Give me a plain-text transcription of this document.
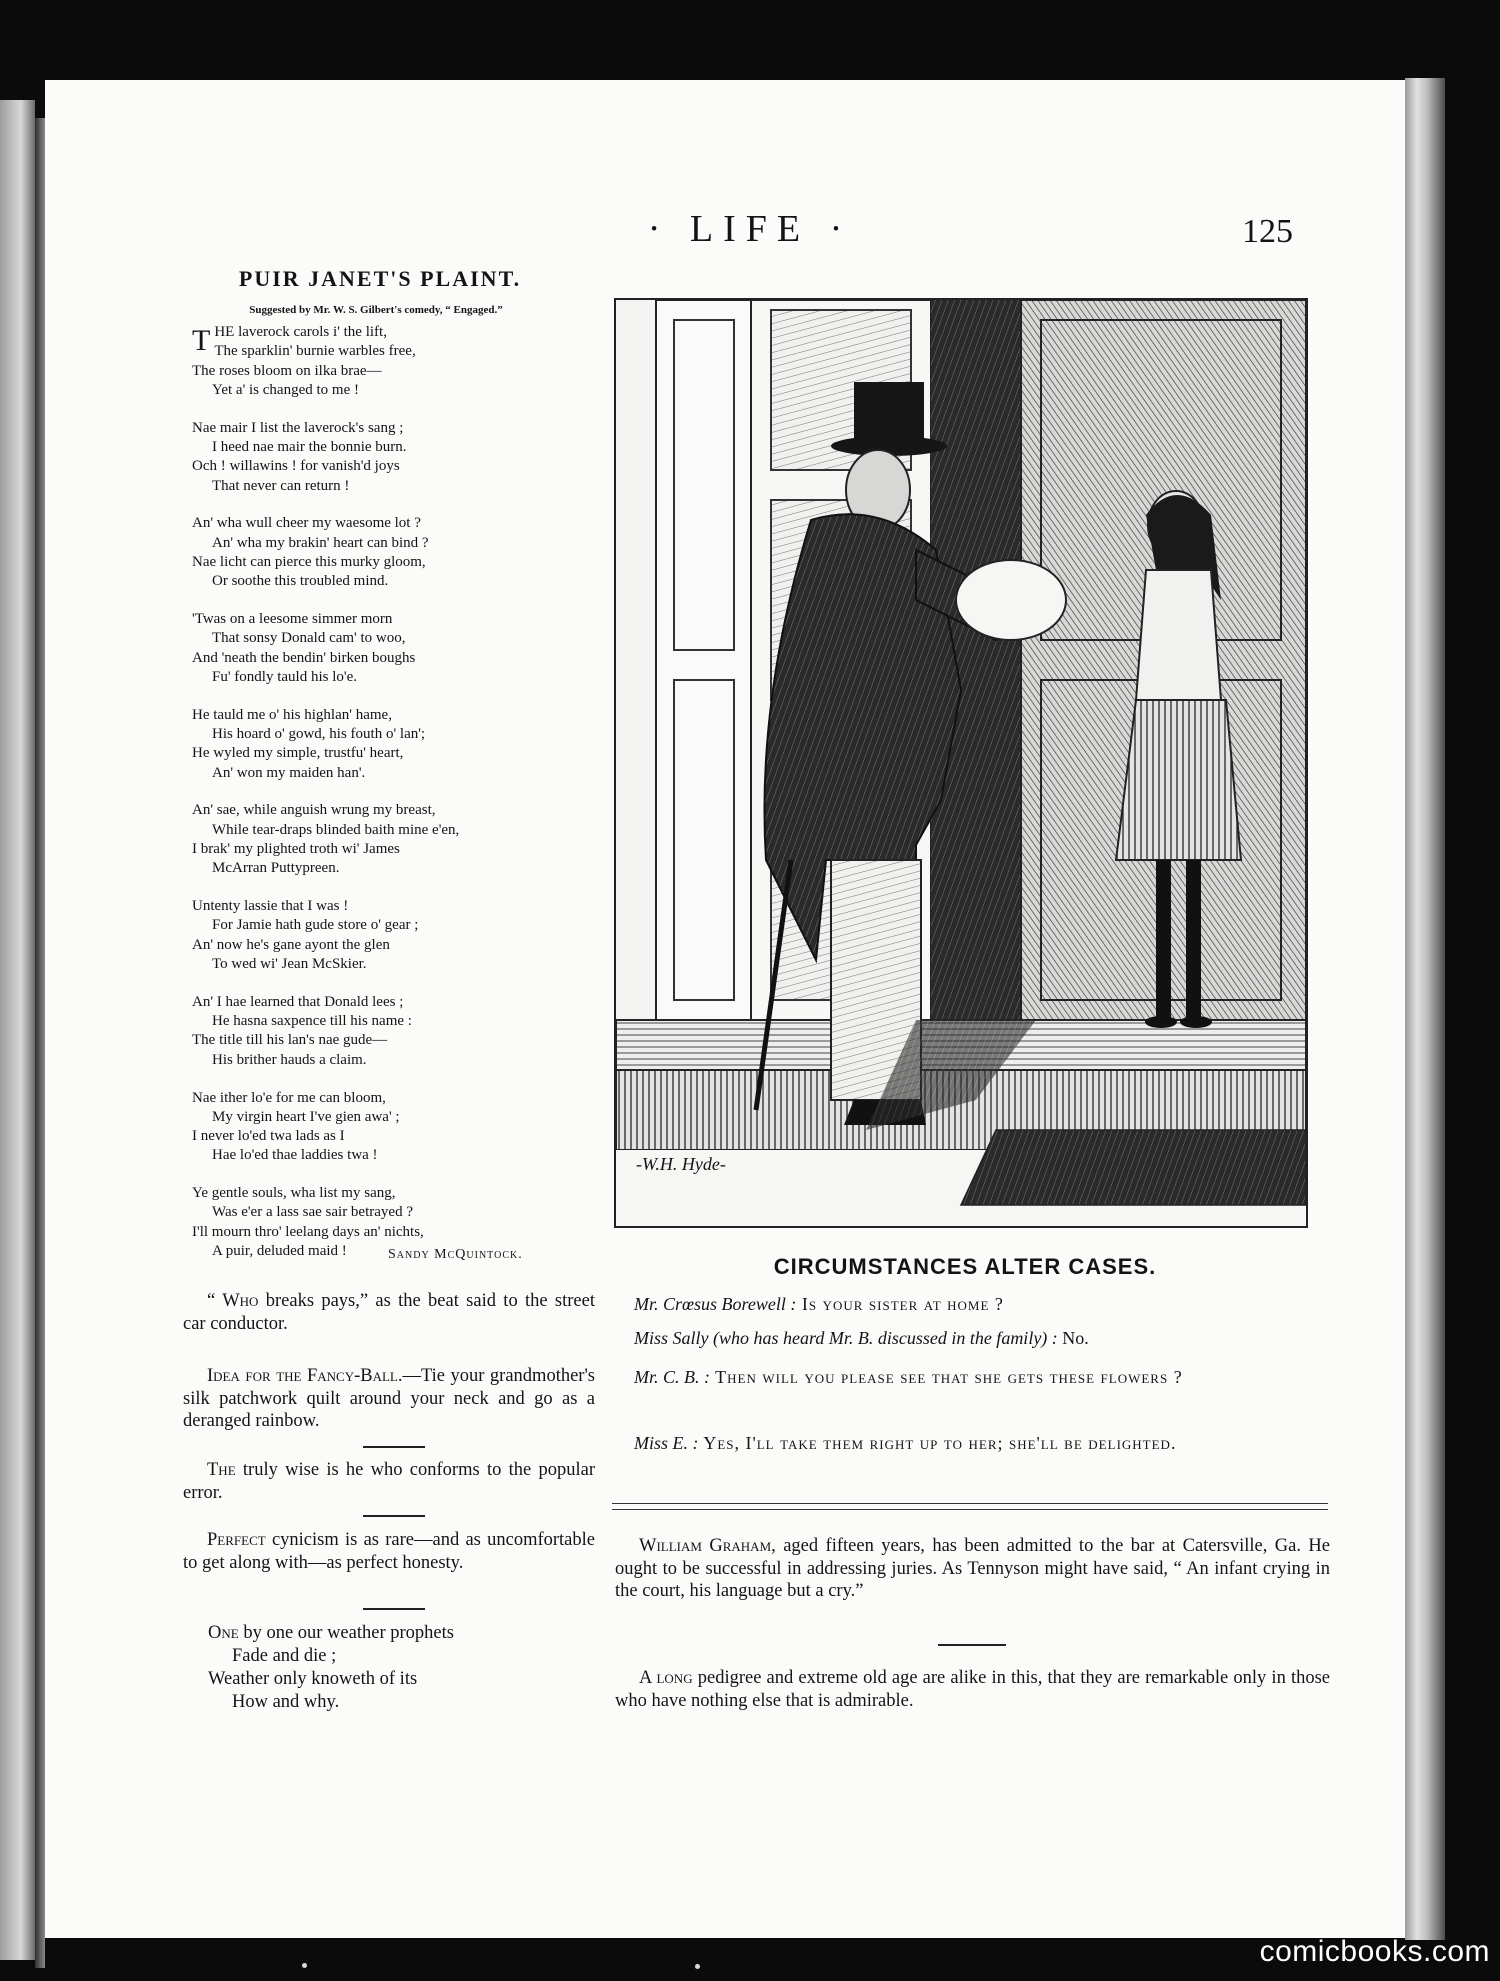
· LIFE ·	125
PUIR JANET'S PLAINT.
Suggested by Mr. W. S. Gilbert's comedy, “ Engaged.”
T HE laverock carols i' the lift,
The sparklin' burnie warbles free,
The roses bloom on ilka brae—
Yet a' is changed to me !
Nae mair I list the laverock's sang ;
I heed nae mair the bonnie burn.
Och ! willawins ! for vanish'd joys
That never can return !
An' wha wull cheer my waesome lot ?
An' wha my brakin' heart can bind ?
Nae licht can pierce this murky gloom,
Or soothe this troubled mind.
'Twas on a leesome simmer morn
That sonsy Donald cam' to woo,
And 'neath the bendin' birken boughs
Fu' fondly tauld his lo'e.
He tauld me o' his highlan' hame,
His hoard o' gowd, his fouth o' lan';
He wyled my simple, trustfu' heart,
An' won my maiden han'.
An' sae, while anguish wrung my breast,
While tear-draps blinded baith mine e'en,
I brak' my plighted troth wi' James
McArran Puttypreen.
Untenty lassie that I was !
For Jamie hath gude store o' gear ;
An' now he's gane ayont the glen
To wed wi' Jean McSkier.
An' I hae learned that Donald lees ;
He hasna saxpence till his name :
The title till his lan's nae gude—
His brither hauds a claim.
Nae ither lo'e for me can bloom,
My virgin heart I've gien awa' ;
I never lo'ed twa lads as I
Hae lo'ed thae laddies twa !
Ye gentle souls, wha list my sang,
Was e'er a lass sae sair betrayed ?
I'll mourn thro' leelang days an' nichts,
A puir, deluded maid !	Sandy McQuintock.
“ Who breaks pays,” as the beat said to the street car conductor.
Idea for the Fancy-Ball.—Tie your grandmother's silk patchwork quilt around your neck and go as a deranged rainbow.
The truly wise is he who conforms to the popular error.
Perfect cynicism is as rare—and as uncomfortable to get along with—as perfect honesty.
One by one our weather prophets
Fade and die ;
Weather only knoweth of its
How and why.
-W.H. Hyde-
CIRCUMSTANCES ALTER CASES.
Mr. Crœsus Borewell : Is your sister at home ?
Miss Sally (who has heard Mr. B. discussed in the family) : No.
Mr. C. B. : Then will you please see that she gets these flowers ?
Miss E. : Yes, I'll take them right up to her; she'll be delighted.
William Graham, aged fifteen years, has been admitted to the bar at Catersville, Ga. He ought to be successful in addressing juries. As Tennyson might have said, “ An infant crying in the court, his language but a cry.”
A long pedigree and extreme old age are alike in this, that they are remarkable only in those who have nothing else that is admirable.
comicbooks.com
